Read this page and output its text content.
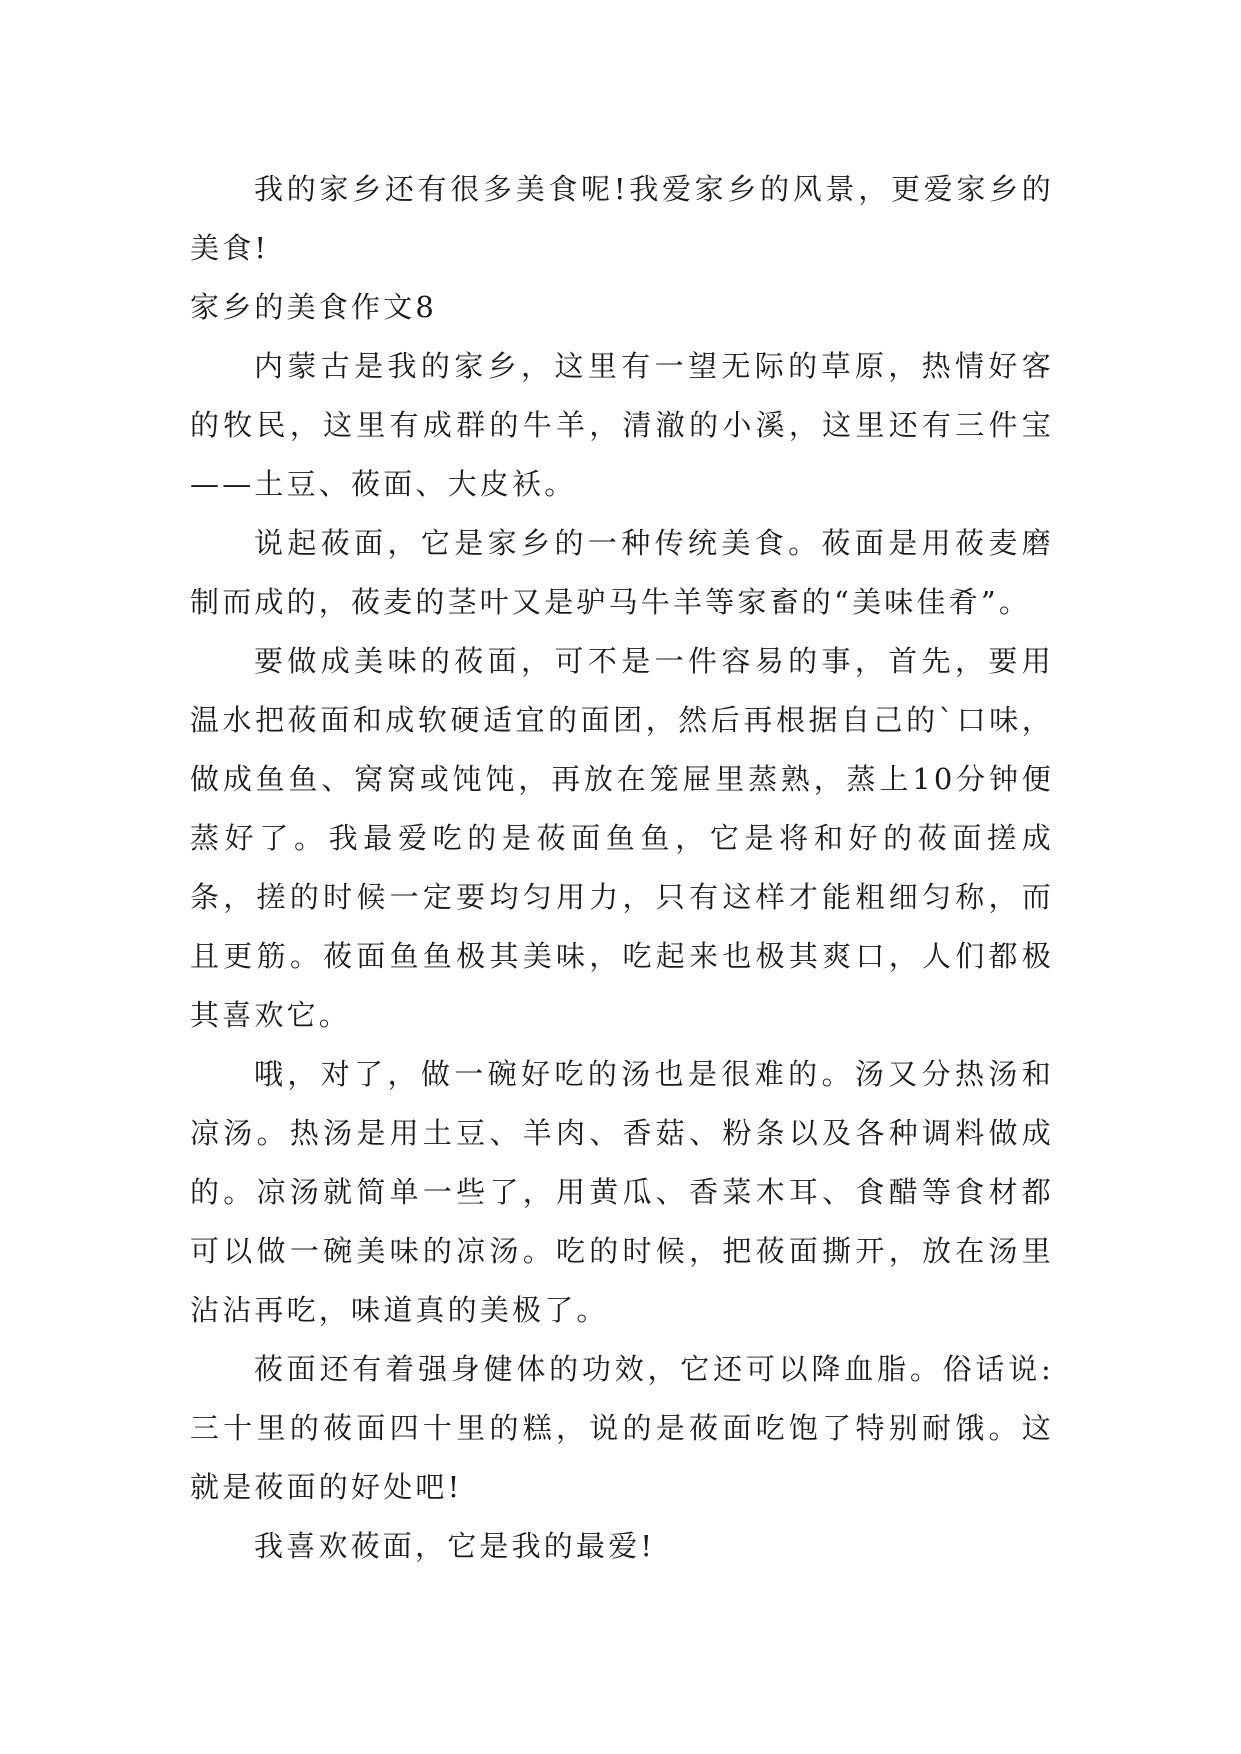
我的家乡还有很多美食呢!我爱家乡的风景，更爱家乡的美食!

家乡的美食作文8

内蒙古是我的家乡，这里有一望无际的草原，热情好客的牧民，这里有成群的牛羊，清澈的小溪，这里还有三件宝——土豆、莜面、大皮袄。

说起莜面，它是家乡的一种传统美食。莜面是用莜麦磨制而成的，莜麦的茎叶又是驴马牛羊等家畜的“美味佳肴”。

要做成美味的莜面，可不是一件容易的事，首先，要用温水把莜面和成软硬适宜的面团，然后再根据自己的`口味，做成鱼鱼、窝窝或饨饨，再放在笼屉里蒸熟，蒸上10分钟便蒸好了。我最爱吃的是莜面鱼鱼，它是将和好的莜面搓成条，搓的时候一定要均匀用力，只有这样才能粗细匀称，而且更筋。莜面鱼鱼极其美味，吃起来也极其爽口，人们都极其喜欢它。

哦，对了，做一碗好吃的汤也是很难的。汤又分热汤和凉汤。热汤是用土豆、羊肉、香菇、粉条以及各种调料做成的。凉汤就简单一些了，用黄瓜、香菜木耳、食醋等食材都可以做一碗美味的凉汤。吃的时候，把莜面撕开，放在汤里沾沾再吃，味道真的美极了。

莜面还有着强身健体的功效，它还可以降血脂。俗话说:三十里的莜面四十里的糕，说的是莜面吃饱了特别耐饿。这就是莜面的好处吧!

我喜欢莜面，它是我的最爱!
